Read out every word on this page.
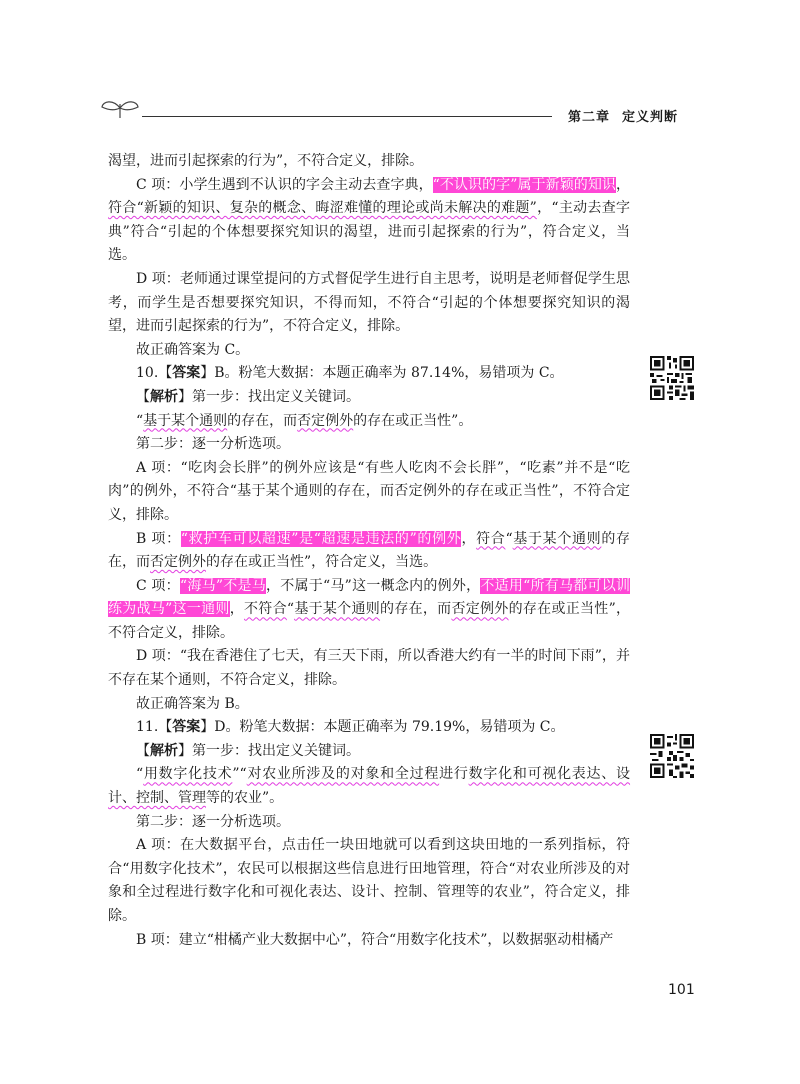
第二章 定义判断

渴望，进而引起探索的行为”，不符合定义，排除。

C 项：小学生遇到不认识的字会主动去查字典，“不认识的字”属于新颖的知识，符合“新颖的知识、复杂的概念、晦涩难懂的理论或尚未解决的难题”，“主动去查字典”符合“引起的个体想要探究知识的渴望，进而引起探索的行为”，符合定义，当选。

D 项：老师通过课堂提问的方式督促学生进行自主思考，说明是老师督促学生思考，而学生是否想要探究知识，不得而知，不符合“引起的个体想要探究知识的渴望，进而引起探索的行为”，不符合定义，排除。

故正确答案为 C。

10.【答案】B。粉笔大数据：本题正确率为 87.14%，易错项为 C。

【解析】第一步：找出定义关键词。

“基于某个通则的存在，而否定例外的存在或正当性”。

第二步：逐一分析选项。

A 项：“吃肉会长胖”的例外应该是“有些人吃肉不会长胖”，“吃素”并不是“吃肉”的例外，不符合“基于某个通则的存在，而否定例外的存在或正当性”，不符合定义，排除。

B 项：“救护车可以超速”是“超速是违法的”的例外，符合“基于某个通则的存在，而否定例外的存在或正当性”，符合定义，当选。

C 项：“海马”不是马，不属于“马”这一概念内的例外，不适用“所有马都可以训练为战马”这一通则，不符合“基于某个通则的存在，而否定例外的存在或正当性”，不符合定义，排除。

D 项：“我在香港住了七天，有三天下雨，所以香港大约有一半的时间下雨”，并不存在某个通则，不符合定义，排除。

故正确答案为 B。

11.【答案】D。粉笔大数据：本题正确率为 79.19%，易错项为 C。

【解析】第一步：找出定义关键词。

“用数字化技术”“对农业所涉及的对象和全过程进行数字化和可视化表达、设计、控制、管理等的农业”。

第二步：逐一分析选项。

A 项：在大数据平台，点击任一块田地就可以看到这块田地的一系列指标，符合“用数字化技术”，农民可以根据这些信息进行田地管理，符合“对农业所涉及的对象和全过程进行数字化和可视化表达、设计、控制、管理等的农业”，符合定义，排除。

B 项：建立“柑橘产业大数据中心”，符合“用数字化技术”，以数据驱动柑橘产

101
